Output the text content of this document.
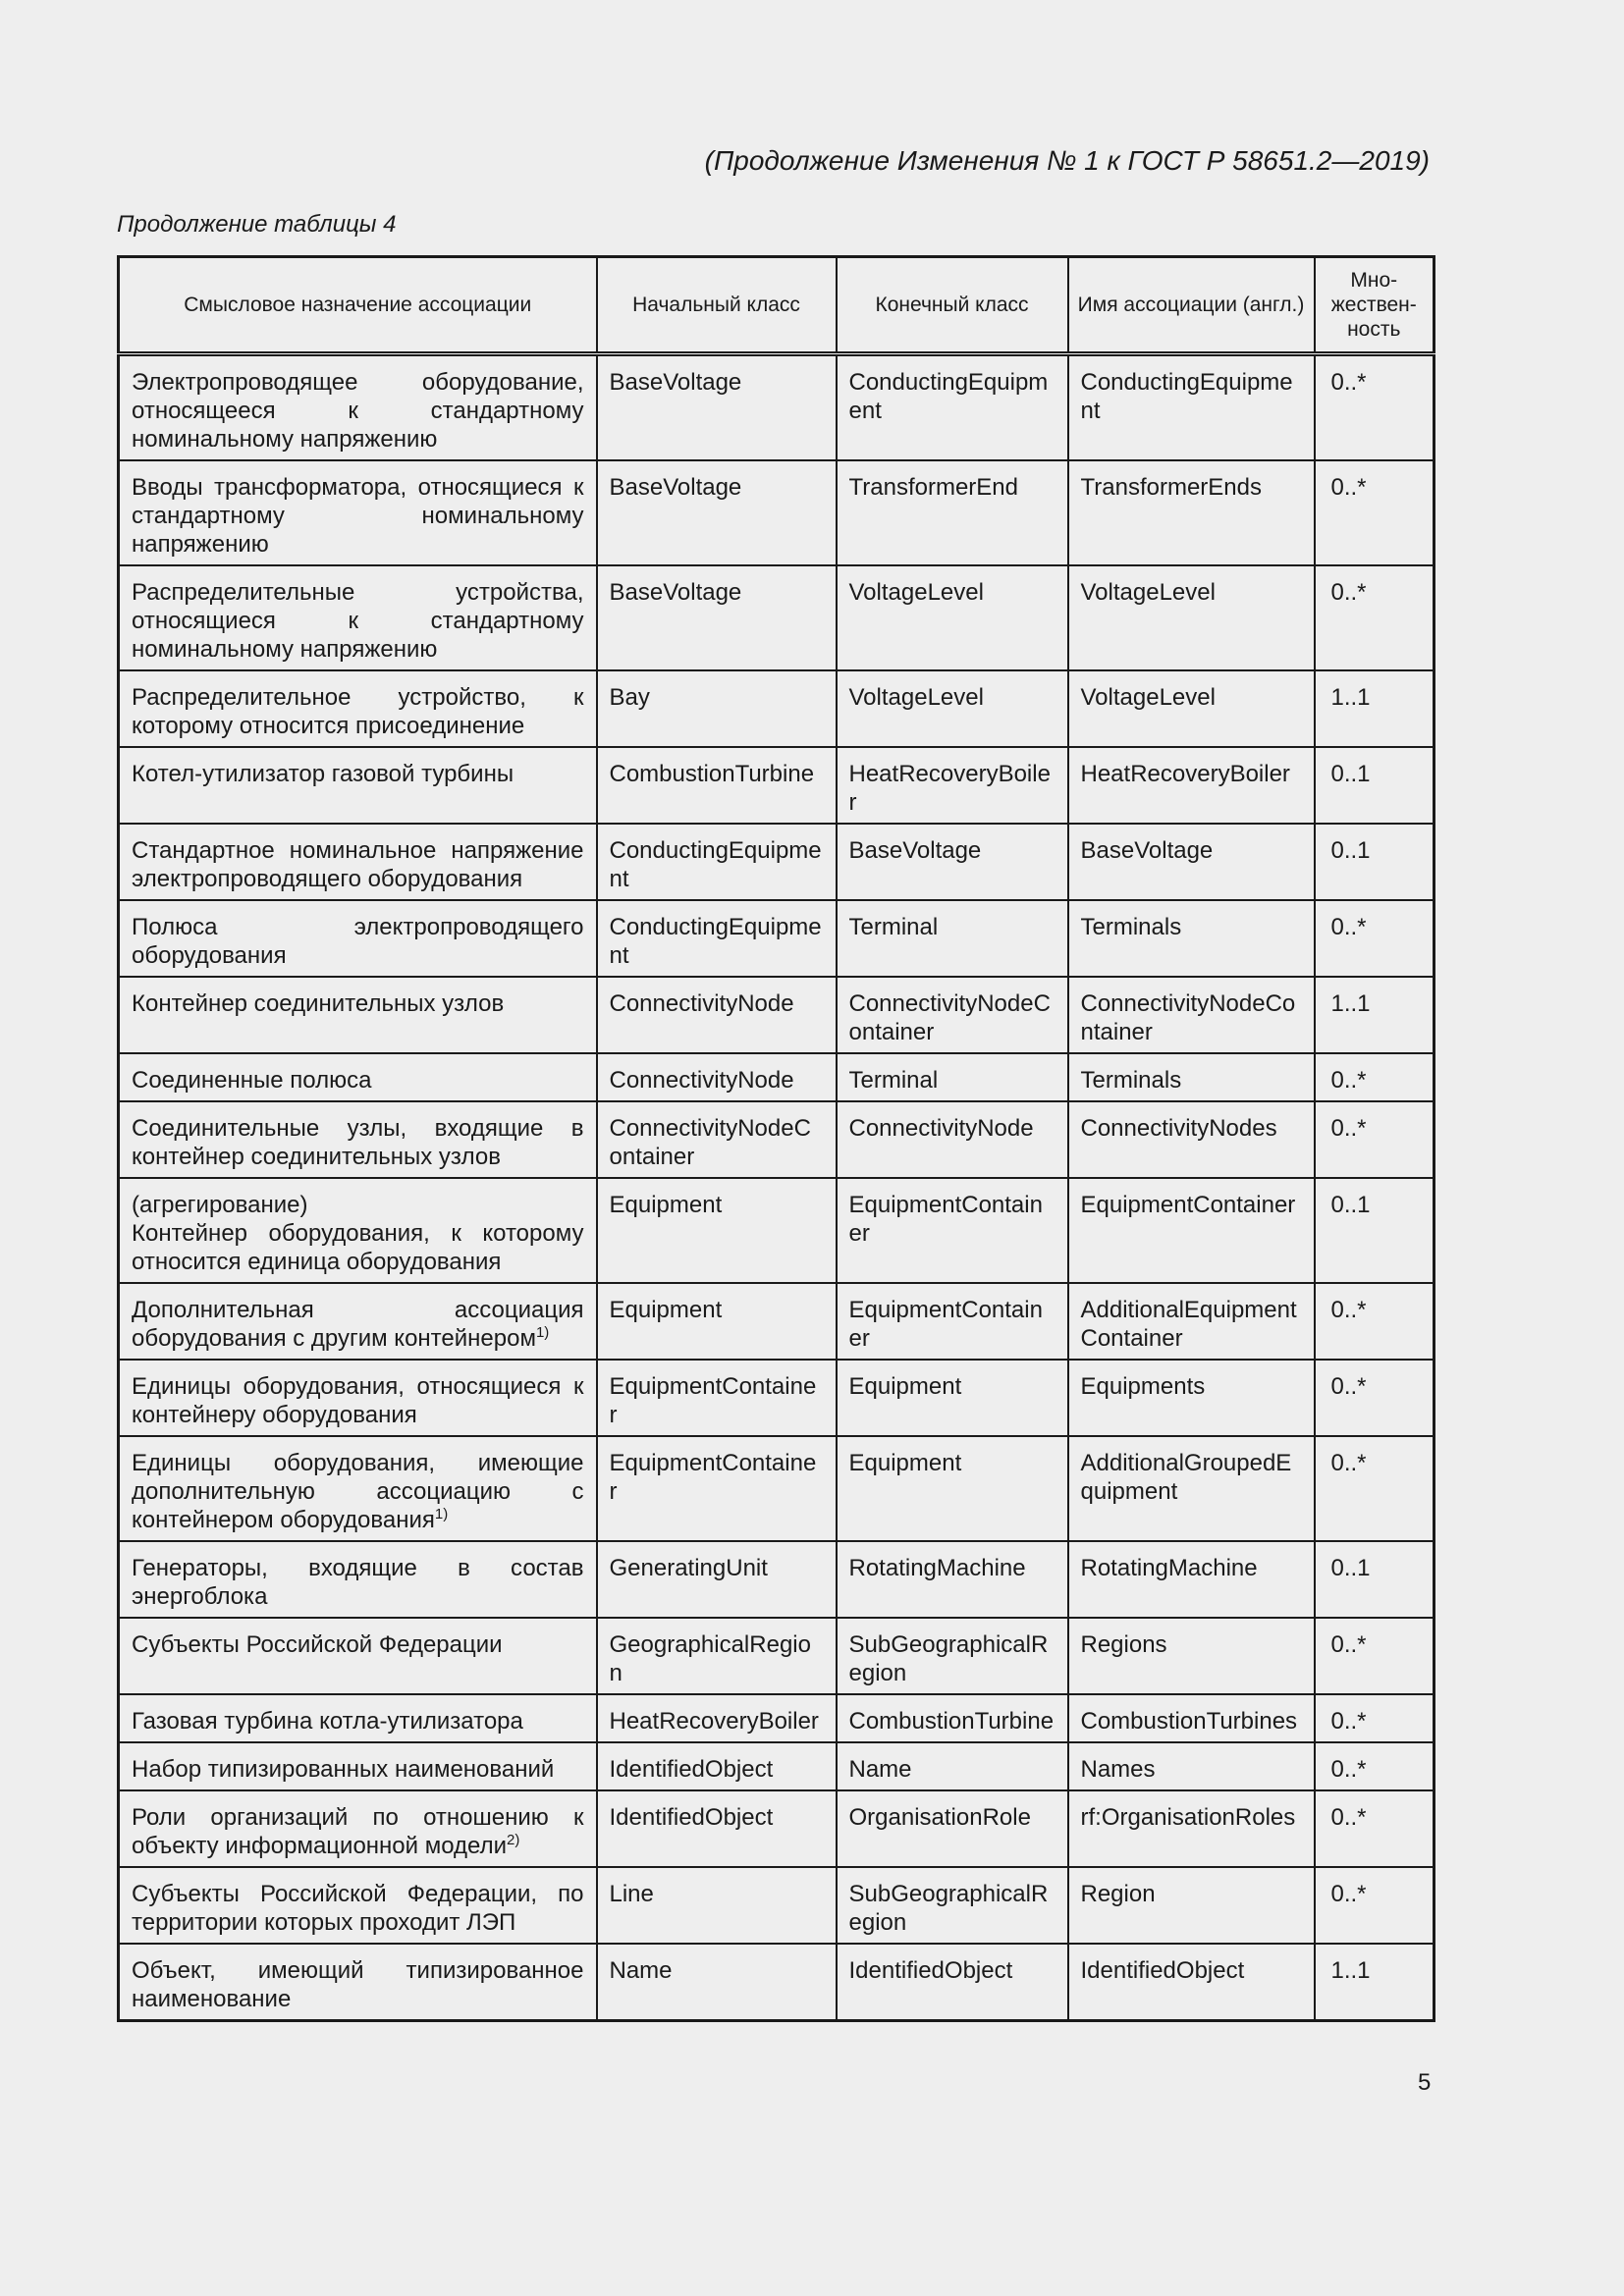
(Продолжение Изменения № 1 к ГОСТ Р 58651.2—2019)
Продолжение таблицы 4
Смысловое назначение ассоциации	Начальный класс	Конечный класс	Имя ассоциации (англ.)	Мно-жествен-ность
Электропроводящее оборудование, относящееся к стандартному номинальному напряжению	BaseVoltage	ConductingEquipment	ConductingEquipment	0..*
Вводы трансформатора, относящиеся к стандартному номинальному напряжению	BaseVoltage	TransformerEnd	TransformerEnds	0..*
Распределительные устройства, относящиеся к стандартному номинальному напряжению	BaseVoltage	VoltageLevel	VoltageLevel	0..*
Распределительное устройство, к которому относится присоединение	Bay	VoltageLevel	VoltageLevel	1..1
Котел-утилизатор газовой турбины	CombustionTurbine	HeatRecoveryBoiler	HeatRecoveryBoiler	0..1
Стандартное номинальное напряжение электропроводящего оборудования	ConductingEquipment	BaseVoltage	BaseVoltage	0..1
Полюса электропроводящего оборудования	ConductingEquipment	Terminal	Terminals	0..*
Контейнер соединительных узлов	ConnectivityNode	ConnectivityNodeContainer	ConnectivityNodeContainer	1..1
Соединенные полюса	ConnectivityNode	Terminal	Terminals	0..*
Соединительные узлы, входящие в контейнер соединительных узлов	ConnectivityNodeContainer	ConnectivityNode	ConnectivityNodes	0..*
(агрегирование)
Контейнер оборудования, к которому относится единица оборудования	Equipment	EquipmentContainer	EquipmentContainer	0..1
Дополнительная ассоциация оборудования с другим контейнером$^{1)}$	Equipment	EquipmentContainer	AdditionalEquipmentContainer	0..*
Единицы оборудования, относящиеся к контейнеру оборудования	EquipmentContainer	Equipment	Equipments	0..*
Единицы оборудования, имеющие дополнительную ассоциацию с контейнером оборудования$^{1)}$	EquipmentContainer	Equipment	AdditionalGroupedEquipment	0..*
Генераторы, входящие в состав энергоблока	GeneratingUnit	RotatingMachine	RotatingMachine	0..1
Субъекты Российской Федерации	GeographicalRegion	SubGeographicalRegion	Regions	0..*
Газовая турбина котла-утилизатора	HeatRecoveryBoiler	CombustionTurbine	CombustionTurbines	0..*
Набор типизированных наименований	IdentifiedObject	Name	Names	0..*
Роли организаций по отношению к объекту информационной модели$^{2)}$	IdentifiedObject	OrganisationRole	rf:OrganisationRoles	0..*
Субъекты Российской Федерации, по территории которых проходит ЛЭП	Line	SubGeographicalRegion	Region	0..*
Объект, имеющий типизированное наименование	Name	IdentifiedObject	IdentifiedObject	1..1
5
